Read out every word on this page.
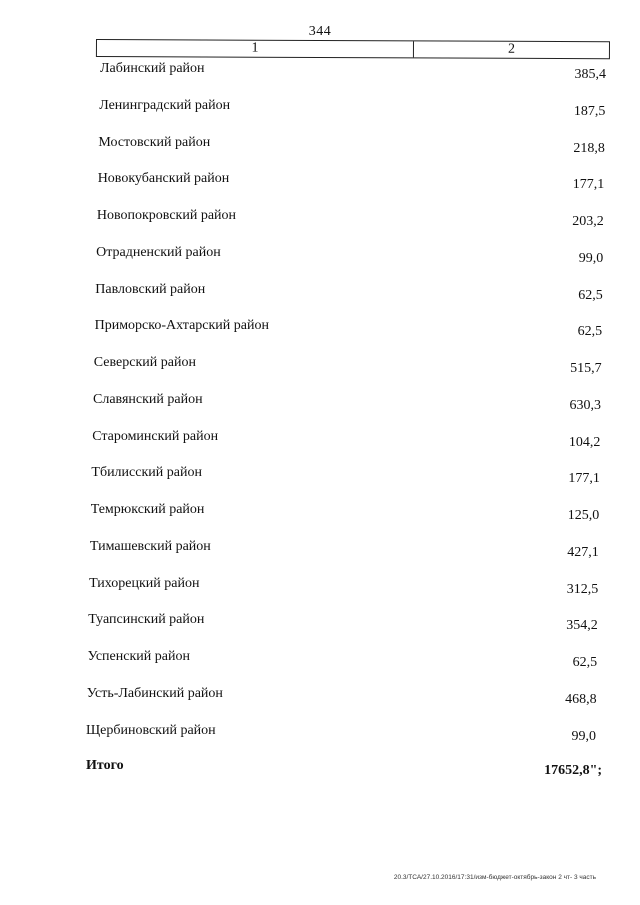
344
1	2
Лабинский район	385,4
Ленинградский район	187,5
Мостовский район	218,8
Новокубанский район	177,1
Новопокровский район	203,2
Отрадненский район	99,0
Павловский район	62,5
Приморско-Ахтарский район	62,5
Северский район	515,7
Славянский район	630,3
Староминский район	104,2
Тбилисский район	177,1
Темрюкский район	125,0
Тимашевский район	427,1
Тихорецкий район	312,5
Туапсинский район	354,2
Успенский район	62,5
Усть-Лабинский район	468,8
Щербиновский район	99,0
Итого	17652,8";
20.3/ТСА/27.10.2016/17:31/изм-бюджет-октябрь-закон 2 чт- 3 часть
